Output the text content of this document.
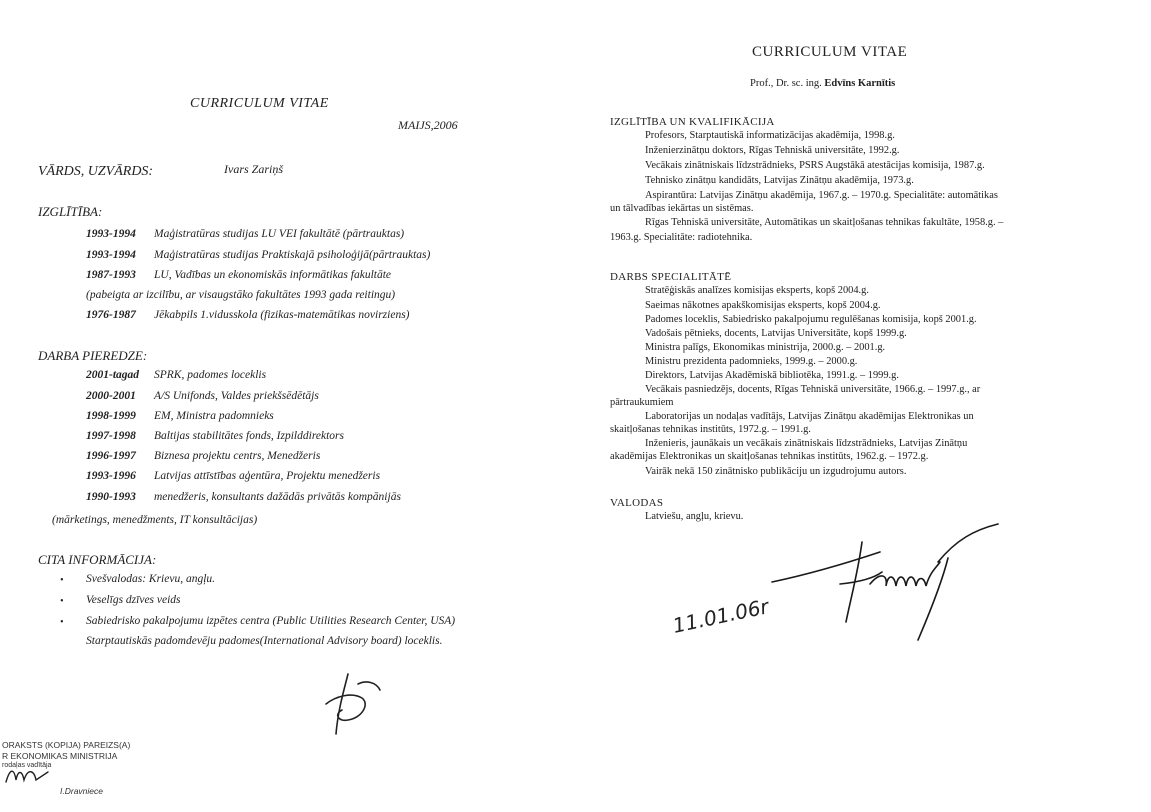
CURRICULUM VITAE
MAIJS,2006
VĀRDS, UZVĀRDS:	Ivars Zariņš
IZGLĪTĪBA:
1993-1994 Maģistratūras studijas LU VEI fakultātē (pārtrauktas)
1993-1994 Maģistratūras studijas Praktiskajā psiholoģijā(pārtrauktas)
1987-1993 LU, Vadības un ekonomiskās informātikas fakultāte
(pabeigta ar izcilību, ar visaugstāko fakultātes 1993 gada reitingu)
1976-1987 Jēkabpils 1.vidusskola (fizikas-matemātikas novirziens)
DARBA PIEREDZE:
2001-tagad SPRK, padomes loceklis
2000-2001 A/S Unifonds, Valdes priekšsēdētājs
1998-1999 EM, Ministra padomnieks
1997-1998 Baltijas stabilitātes fonds, Izpilddirektors
1996-1997 Biznesa projektu centrs, Menedžeris
1993-1996 Latvijas attīstības aģentūra, Projektu menedžeris
1990-1993 menedžeris, konsultants dažādās privātās kompānijās
(mārketings, menedžments, IT konsultācijas)
CITA INFORMĀCIJA:
• Svešvalodas: Krievu, angļu.
• Veselīgs dzīves veids
• Sabiedrisko pakalpojumu izpētes centra (Public Utilities Research Center, USA)
Starptautiskās padomdevēju padomes(International Advisory board) loceklis.
ORAKSTS (KOPIJA) PAREIZS(A)
R EKONOMIKAS MINISTRIJA
rodaļas vadītāja
I.Dravniece
CURRICULUM VITAE
Prof., Dr. sc. ing. Edvīns Karnītis
IZGLĪTĪBA UN KVALIFIKĀCIJA
Profesors, Starptautiskā informatizācijas akadēmija, 1998.g.
Inženierzinātņu doktors, Rīgas Tehniskā universitāte, 1992.g.
Vecākais zinātniskais līdzstrādnieks, PSRS Augstākā atestācijas komisija, 1987.g.
Tehnisko zinātņu kandidāts, Latvijas Zinātņu akadēmija, 1973.g.
Aspirantūra: Latvijas Zinātņu akadēmija, 1967.g. – 1970.g. Specialitāte: automātikas
un tālvadības iekārtas un sistēmas.
Rīgas Tehniskā universitāte, Automātikas un skaitļošanas tehnikas fakultāte, 1958.g. –
1963.g. Specialitāte: radiotehnika.
DARBS SPECIALITĀTĒ
Stratēģiskās analīzes komisijas eksperts, kopš 2004.g.
Saeimas nākotnes apakškomisijas eksperts, kopš 2004.g.
Padomes loceklis, Sabiedrisko pakalpojumu regulēšanas komisija, kopš 2001.g.
Vadošais pētnieks, docents, Latvijas Universitāte, kopš 1999.g.
Ministra palīgs, Ekonomikas ministrija, 2000.g. – 2001.g.
Ministru prezidenta padomnieks, 1999.g. – 2000.g.
Direktors, Latvijas Akadēmiskā bibliotēka, 1991.g. – 1999.g.
Vecākais pasniedzējs, docents, Rīgas Tehniskā universitāte, 1966.g. – 1997.g., ar
pārtraukumiem
Laboratorijas un nodaļas vadītājs, Latvijas Zinātņu akadēmijas Elektronikas un
skaitļošanas tehnikas institūts, 1972.g. – 1991.g.
Inženieris, jaunākais un vecākais zinātniskais līdzstrādnieks, Latvijas Zinātņu
akadēmijas Elektronikas un skaitļošanas tehnikas institūts, 1962.g. – 1972.g.
Vairāk nekā 150 zinātnisko publikāciju un izgudrojumu autors.
VALODAS
Latviešu, angļu, krievu.
11.01.06r
